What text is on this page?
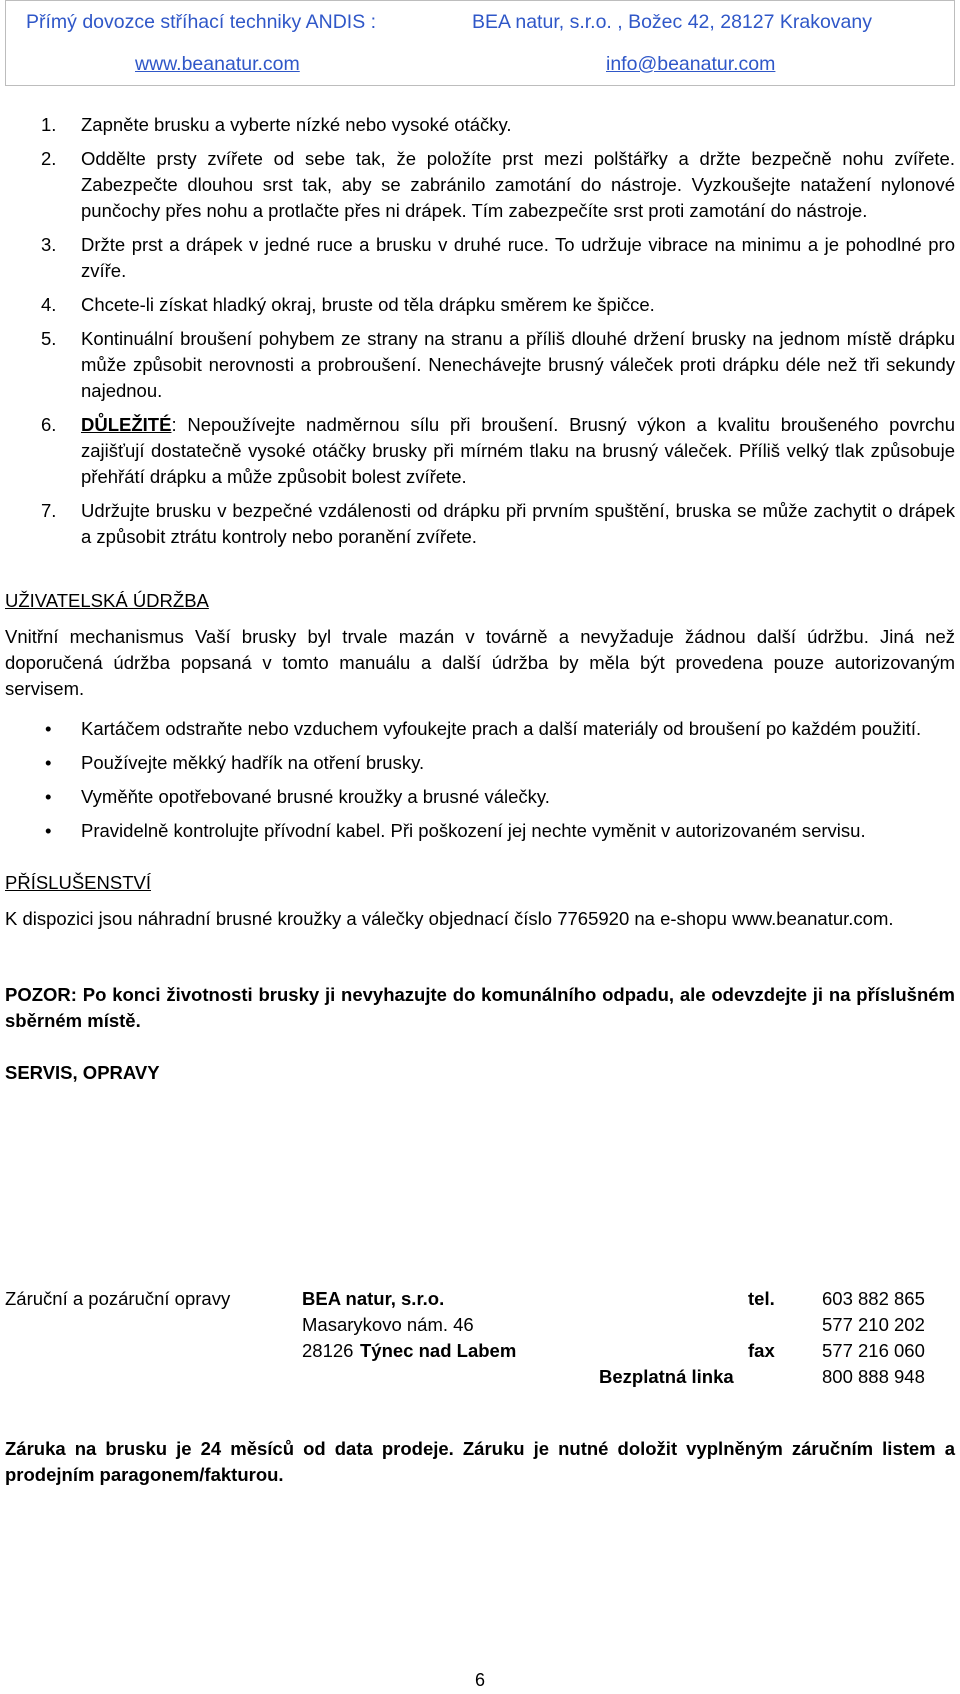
Přímý dovozce stříhací techniky ANDIS :	BEA natur, s.r.o. , Božec 42, 28127 Krakovany
www.beanatur.com	info@beanatur.com
1. Zapněte brusku a vyberte nízké nebo vysoké otáčky.
2. Oddělte prsty zvířete od sebe tak, že položíte prst mezi polštářky a držte bezpečně nohu zvířete. Zabezpečte dlouhou srst tak, aby se zabránilo zamotání do nástroje. Vyzkoušejte natažení nylonové punčochy přes nohu a protlačte přes ni drápek. Tím zabezpečíte srst proti zamotání do nástroje.
3. Držte prst a drápek v jedné ruce a brusku v druhé ruce. To udržuje vibrace na minimu a je pohodlné pro zvíře.
4. Chcete-li získat hladký okraj, bruste od těla drápku směrem ke špičce.
5. Kontinuální broušení pohybem ze strany na stranu a příliš dlouhé držení brusky na jednom místě drápku může způsobit nerovnosti a probroušení. Nenechávejte brusný váleček proti drápku déle než tři sekundy najednou.
6. DŮLEŽITÉ: Nepoužívejte nadměrnou sílu při broušení. Brusný výkon a kvalitu broušeného povrchu zajišťují dostatečně vysoké otáčky brusky při mírném tlaku na brusný váleček. Příliš velký tlak způsobuje přehřátí drápku a může způsobit bolest zvířete.
7. Udržujte brusku v bezpečné vzdálenosti od drápku při prvním spuštění, bruska se může zachytit o drápek a způsobit ztrátu kontroly nebo poranění zvířete.
UŽIVATELSKÁ ÚDRŽBA

Vnitřní mechanismus Vaší brusky byl trvale mazán v továrně a nevyžaduje žádnou další údržbu. Jiná než doporučená údržba popsaná v tomto manuálu a další údržba by měla být provedena pouze autorizovaným servisem.

• Kartáčem odstraňte nebo vzduchem vyfoukejte prach a další materiály od broušení po každém použití.
• Používejte měkký hadřík na otření brusky.
• Vyměňte opotřebované brusné kroužky a brusné válečky.
• Pravidelně kontrolujte přívodní kabel. Při poškození jej nechte vyměnit v autorizovaném servisu.
PŘÍSLUŠENSTVÍ

K dispozici jsou náhradní brusné kroužky a válečky objednací číslo 7765920 na e-shopu www.beanatur.com.

POZOR: Po konci životnosti brusky ji nevyhazujte do komunálního odpadu, ale odevzdejte ji na příslušném sběrném místě.

SERVIS, OPRAVY

Záruční a pozáruční opravy	BEA natur, s.r.o.	tel.	603 882 865
Masarykovo nám. 46	577 210 202
28126 Týnec nad Labem	fax	577 216 060
Bezplatná linka	800 888 948

Záruka na brusku je 24 měsíců od data prodeje. Záruku je nutné doložit vyplněným záručním listem a prodejním paragonem/fakturou.

6
